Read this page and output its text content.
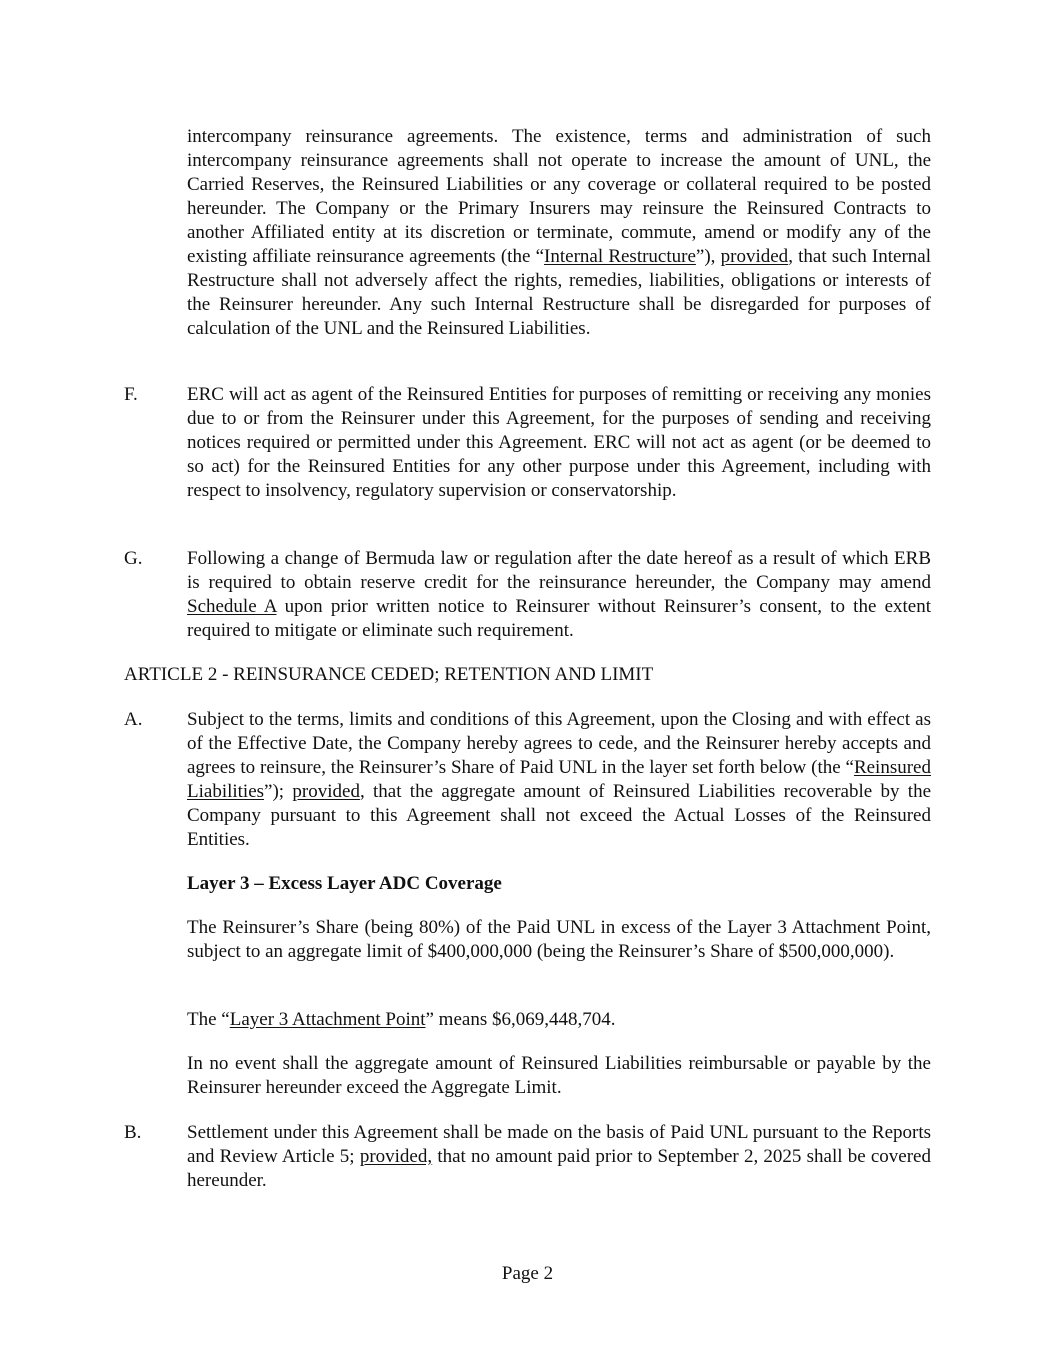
intercompany reinsurance agreements. The existence, terms and administration of such intercompany reinsurance agreements shall not operate to increase the amount of UNL, the Carried Reserves, the Reinsured Liabilities or any coverage or collateral required to be posted hereunder. The Company or the Primary Insurers may reinsure the Reinsured Contracts to another Affiliated entity at its discretion or terminate, commute, amend or modify any of the existing affiliate reinsurance agreements (the “Internal Restructure”), provided, that such Internal Restructure shall not adversely affect the rights, remedies, liabilities, obligations or interests of the Reinsurer hereunder. Any such Internal Restructure shall be disregarded for purposes of calculation of the UNL and the Reinsured Liabilities.
F.	ERC will act as agent of the Reinsured Entities for purposes of remitting or receiving any monies due to or from the Reinsurer under this Agreement, for the purposes of sending and receiving notices required or permitted under this Agreement. ERC will not act as agent (or be deemed to so act) for the Reinsured Entities for any other purpose under this Agreement, including with respect to insolvency, regulatory supervision or conservatorship.
G. Following a change of Bermuda law or regulation after the date hereof as a result of which ERB is required to obtain reserve credit for the reinsurance hereunder, the Company may amend Schedule A upon prior written notice to Reinsurer without Reinsurer’s consent, to the extent required to mitigate or eliminate such requirement.
ARTICLE 2 - REINSURANCE CEDED; RETENTION AND LIMIT
A. Subject to the terms, limits and conditions of this Agreement, upon the Closing and with effect as of the Effective Date, the Company hereby agrees to cede, and the Reinsurer hereby accepts and agrees to reinsure, the Reinsurer’s Share of Paid UNL in the layer set forth below (the “Reinsured Liabilities”); provided, that the aggregate amount of Reinsured Liabilities recoverable by the Company pursuant to this Agreement shall not exceed the Actual Losses of the Reinsured Entities.
Layer 3 – Excess Layer ADC Coverage
The Reinsurer’s Share (being 80%) of the Paid UNL in excess of the Layer 3 Attachment Point, subject to an aggregate limit of $400,000,000 (being the Reinsurer’s Share of $500,000,000).
The “Layer 3 Attachment Point” means $6,069,448,704.
In no event shall the aggregate amount of Reinsured Liabilities reimbursable or payable by the Reinsurer hereunder exceed the Aggregate Limit.
B. Settlement under this Agreement shall be made on the basis of Paid UNL pursuant to the Reports and Review Article 5; provided, that no amount paid prior to September 2, 2025 shall be covered hereunder.
Page 2
